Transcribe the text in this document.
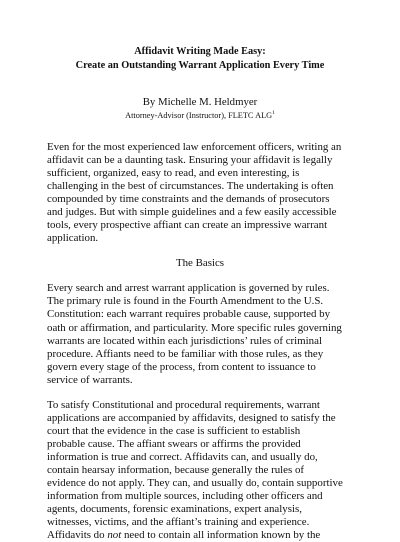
Affidavit Writing Made Easy:
Create an Outstanding Warrant Application Every Time

By Michelle M. Heldmyer

Attorney-Advisor (Instructor), FLETC ALG$^1$

Even for the most experienced law enforcement officers, writing an
affidavit can be a daunting task. Ensuring your affidavit is legally
sufficient, organized, easy to read, and even interesting, is
challenging in the best of circumstances. The undertaking is often
compounded by time constraints and the demands of prosecutors
and judges. But with simple guidelines and a few easily accessible
tools, every prospective affiant can create an impressive warrant
application.

The Basics

Every search and arrest warrant application is governed by rules.
The primary rule is found in the Fourth Amendment to the U.S.
Constitution: each warrant requires probable cause, supported by
oath or affirmation, and particularity. More specific rules governing
warrants are located within each jurisdictions’ rules of criminal
procedure. Affiants need to be familiar with those rules, as they
govern every stage of the process, from content to issuance to
service of warrants.
To satisfy Constitutional and procedural requirements, warrant
applications are accompanied by affidavits, designed to satisfy the
court that the evidence in the case is sufficient to establish
probable cause. The affiant swears or affirms the provided
information is true and correct. Affidavits can, and usually do,
contain hearsay information, because generally the rules of
evidence do not apply. They can, and usually do, contain supportive
information from multiple sources, including other officers and
agents, documents, forensic examinations, expert analysis,
witnesses, victims, and the affiant’s training and experience.
Affidavits do not need to contain all information known by the
